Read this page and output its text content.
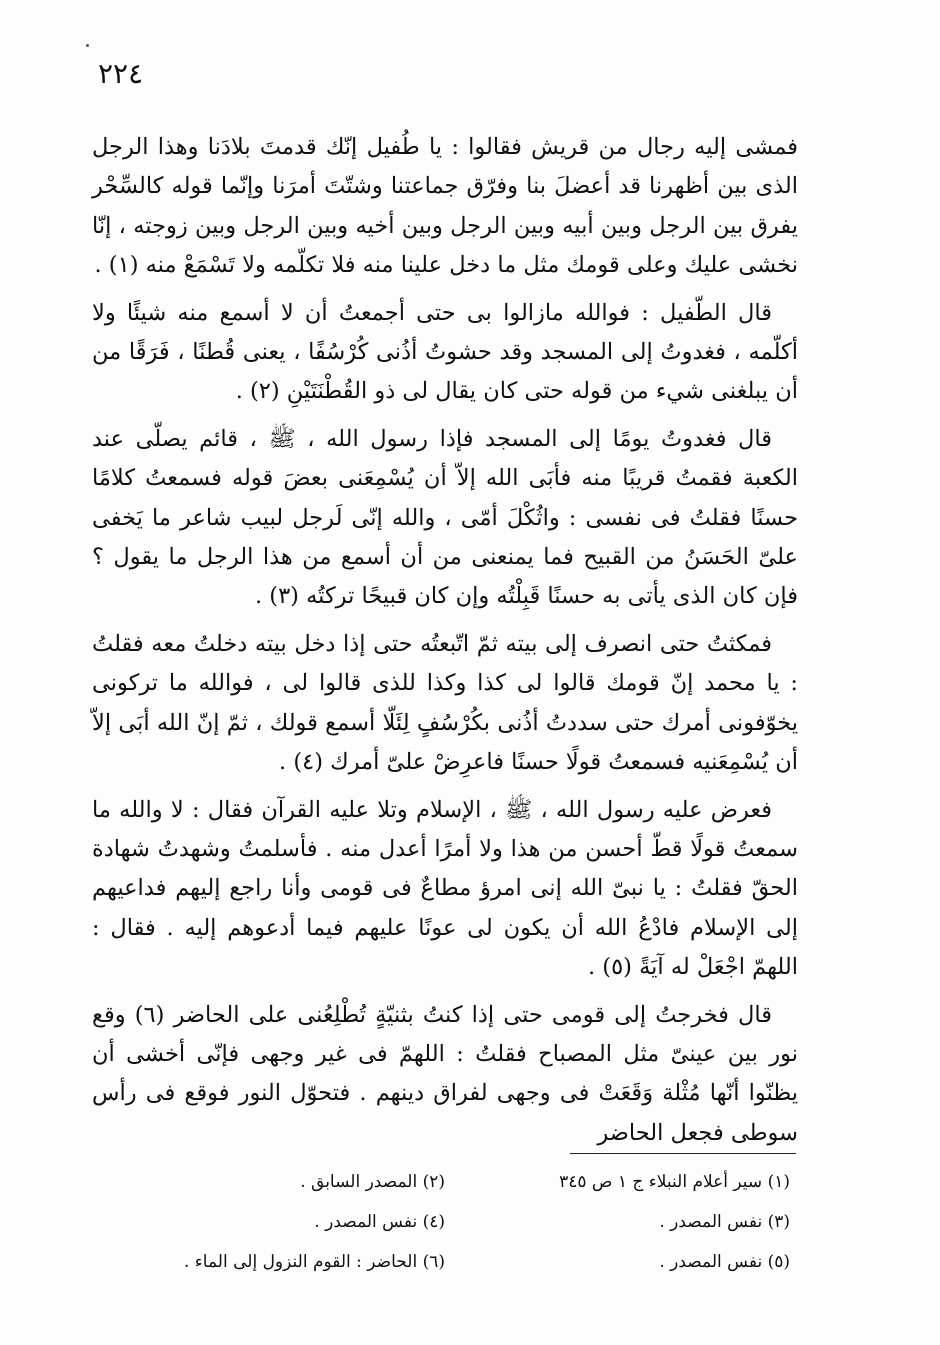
٢٢٤

فمشى إليه رجال من قريش فقالوا : يا طُفيل إنّك قدمتَ بلادَنا وهذا الرجل الذى بين أظهرنا قد أعضلَ بنا وفرّق جماعتنا وشتّتَ أمرَنا وإنّما قوله كالسِّحْر يفرق بين الرجل وبين أبيه وبين الرجل وبين أخيه وبين الرجل وبين زوجته ، إنّا نخشى عليك وعلى قومك مثل ما دخل علينا منه فلا تكلّمه ولا تَسْمَعْ منه (١) .

قال الطّفيل : فوالله مازالوا بى حتى أجمعتُ أن لا أسمع منه شيئًا ولا أكلّمه ، فغدوتُ إلى المسجد وقد حشوتُ أذُنى كُرْسُفًا ، يعنى قُطنًا ، فَرَقًا من أن يبلغنى شيء من قوله حتى كان يقال لى ذو القُطْنَتَيْنِ (٢) .

قال فغدوتُ يومًا إلى المسجد فإذا رسول الله ، ﷺ ، قائم يصلّى عند الكعبة فقمتُ قريبًا منه فأبَى الله إلاّ أن يُسْمِعَنى بعضَ قوله فسمعتُ كلامًا حسنًا فقلتُ فى نفسى : واثُكْلَ أمّى ، والله إنّى لَرجل لبيب شاعر ما يَخفى علىّ الحَسَنُ من القبيح فما يمنعنى من أن أسمع من هذا الرجل ما يقول ؟ فإن كان الذى يأتى به حسنًا قَبِلْتُه وإن كان قبيحًا تركتُه (٣) .

فمكثتُ حتى انصرف إلى بيته ثمّ اتّبعتُه حتى إذا دخل بيته دخلتُ معه فقلتُ : يا محمد إنّ قومك قالوا لى كذا وكذا للذى قالوا لى ، فوالله ما تركونى يخوّفونى أمرك حتى سددتُ أذُنى بكُرْسُفٍ لِئَلّا أسمع قولك ، ثمّ إنّ الله أبَى إلاّ أن يُسْمِعَنيه فسمعتُ قولًا حسنًا فاعرِضْ علىّ أمرك (٤) .

فعرض عليه رسول الله ، ﷺ ، الإسلام وتلا عليه القرآن فقال : لا والله ما سمعتُ قولًا قطّ أحسن من هذا ولا أمرًا أعدل منه . فأسلمتُ وشهدتُ شهادة الحقّ فقلتُ : يا نبىّ الله إنى امرؤ مطاعٌ فى قومى وأنا راجع إليهم فداعيهم إلى الإسلام فادْعُ الله أن يكون لى عونًا عليهم فيما أدعوهم إليه . فقال : اللهمّ اجْعَلْ له آيَةً (٥) .

قال فخرجتُ إلى قومى حتى إذا كنتُ بثنيّةٍ تُطْلِعُنى على الحاضر (٦) وقع نور بين عينىّ مثل المصباح فقلتُ : اللهمّ فى غير وجهى فإنّى أخشى أن يظنّوا أنّها مُثْلة وَقَعَتْ فى وجهى لفراق دينهم . فتحوّل النور فوقع فى رأس سوطى فجعل الحاضر

(١) سير أعلام النبلاء ج ١ ص ٣٤٥
(٢) المصدر السابق .
(٣) نفس المصدر .
(٤) نفس المصدر .
(٥) نفس المصدر .
(٦) الحاضر : القوم النزول إلى الماء .
